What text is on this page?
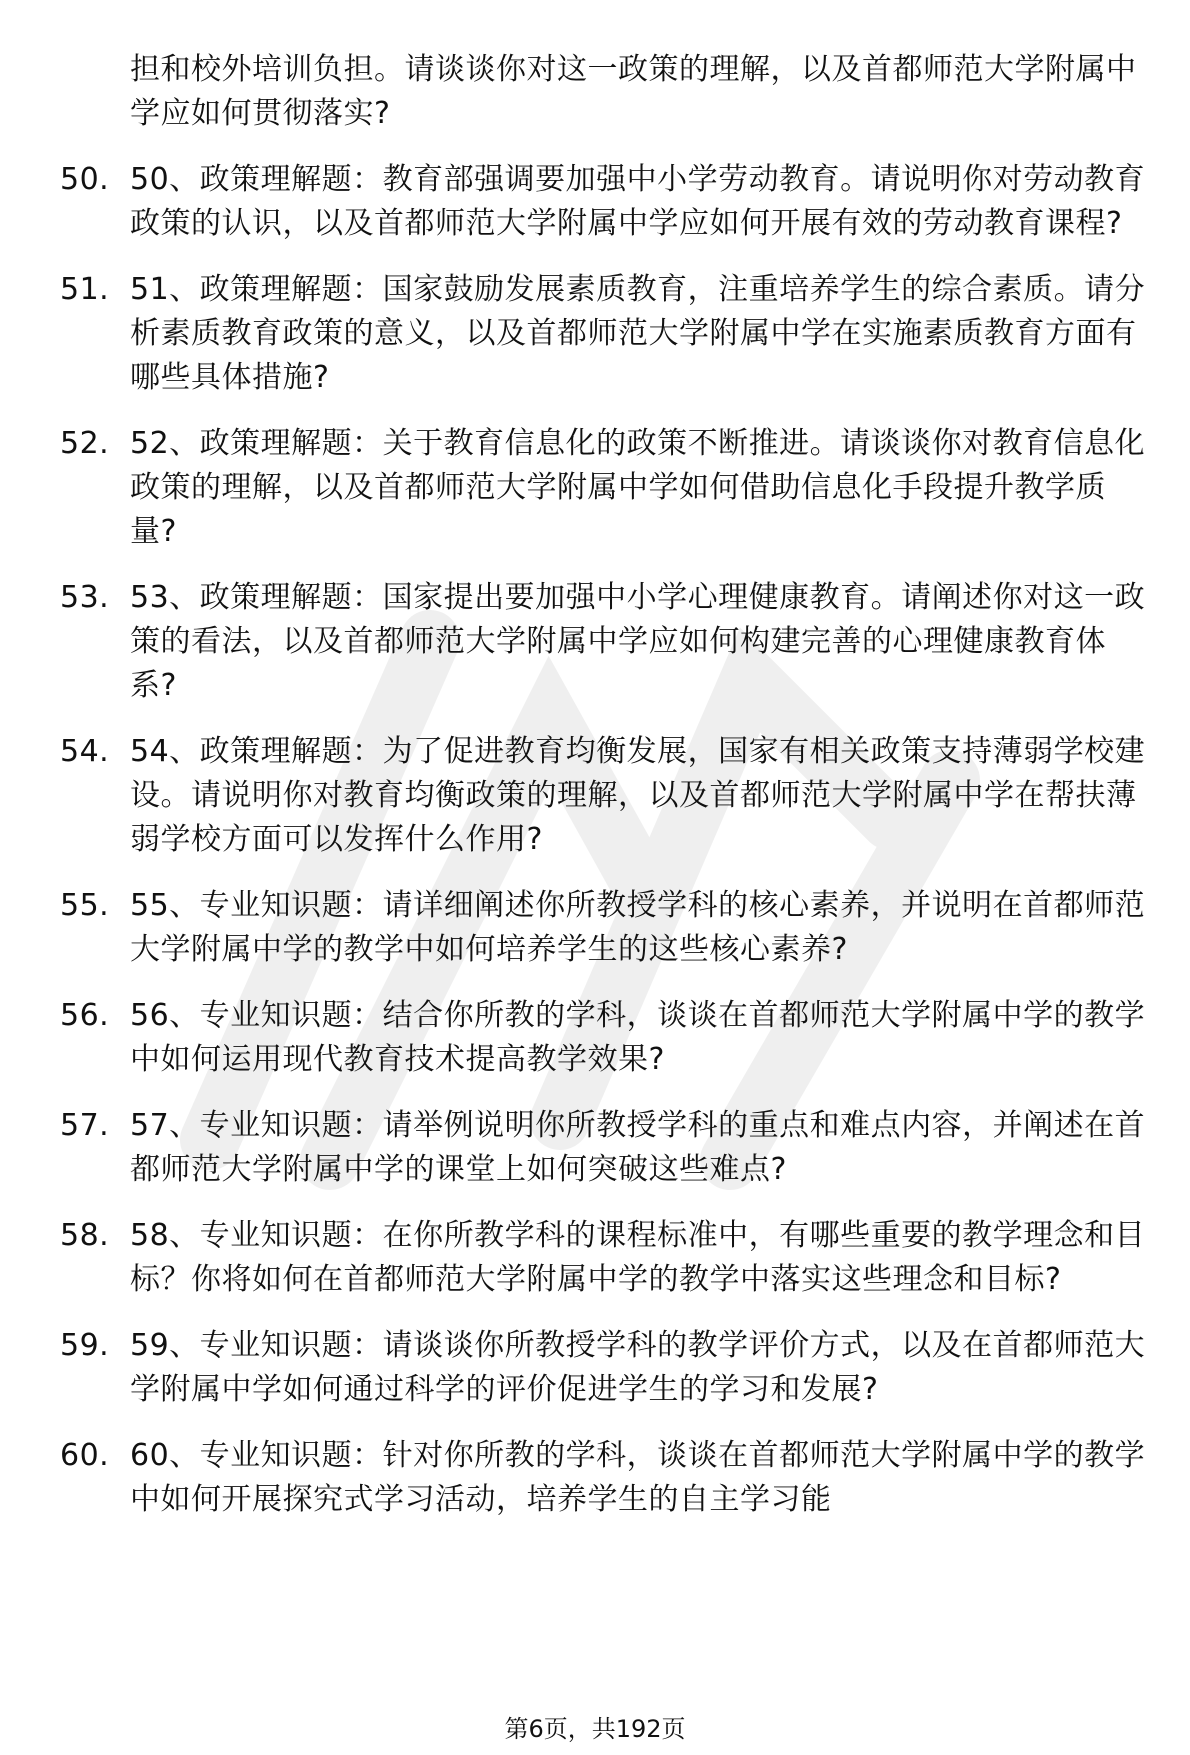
担和校外培训负担。请谈谈你对这一政策的理解，以及首都师范大学附属中学应如何贯彻落实?

50. 50、政策理解题：教育部强调要加强中小学劳动教育。请说明你对劳动教育政策的认识，以及首都师范大学附属中学应如何开展有效的劳动教育课程?
51. 51、政策理解题：国家鼓励发展素质教育，注重培养学生的综合素质。请分析素质教育政策的意义，以及首都师范大学附属中学在实施素质教育方面有哪些具体措施?
52. 52、政策理解题：关于教育信息化的政策不断推进。请谈谈你对教育信息化政策的理解，以及首都师范大学附属中学如何借助信息化手段提升教学质量?
53. 53、政策理解题：国家提出要加强中小学心理健康教育。请阐述你对这一政策的看法，以及首都师范大学附属中学应如何构建完善的心理健康教育体系?
54. 54、政策理解题：为了促进教育均衡发展，国家有相关政策支持薄弱学校建设。请说明你对教育均衡政策的理解，以及首都师范大学附属中学在帮扶薄弱学校方面可以发挥什么作用?
55. 55、专业知识题：请详细阐述你所教授学科的核心素养，并说明在首都师范大学附属中学的教学中如何培养学生的这些核心素养?
56. 56、专业知识题：结合你所教的学科，谈谈在首都师范大学附属中学的教学中如何运用现代教育技术提高教学效果?
57. 57、专业知识题：请举例说明你所教授学科的重点和难点内容，并阐述在首都师范大学附属中学的课堂上如何突破这些难点?
58. 58、专业知识题：在你所教学科的课程标准中，有哪些重要的教学理念和目标？你将如何在首都师范大学附属中学的教学中落实这些理念和目标?
59. 59、专业知识题：请谈谈你所教授学科的教学评价方式，以及在首都师范大学附属中学如何通过科学的评价促进学生的学习和发展?
60. 60、专业知识题：针对你所教的学科，谈谈在首都师范大学附属中学的教学中如何开展探究式学习活动，培养学生的自主学习能
第6页，共192页
